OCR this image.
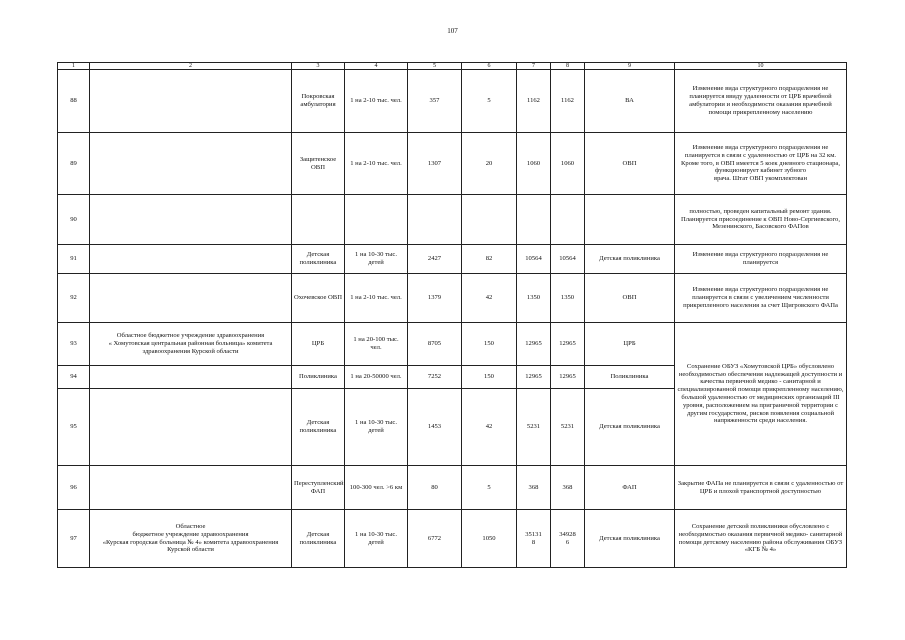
107
1	2	3	4	5	6	7	8	9	10
88		Покровская амбулатория	1 на 2-10 тыс. чел.	357	5	1162	1162	ВА	Изменение вида структурного подразделения не планируется ввиду удаленности от ЦРБ врачебной амбулатории и необходимости оказания врачебной помощи прикрепленному населению
89		Защитенское ОВП	1 на 2-10 тыс. чел.	1307	20	1060	1060	ОВП	Изменение вида структурного подразделения не планируется в связи с удаленностью от ЦРБ на 32 км. Кроме того, в ОВП имеется 5 коек дневного стационара, функционирует кабинет зубного
врача. Штат ОВП укомплектован

90									полностью, проведен капитальный ремонт здания. Планируется присоединение к ОВП Ново-Сергиевского, Мезенинского, Басовского ФАПов
91		Детская поликлиника	1 на 10-30 тыс. детей	2427	82	10564	10564	Детская поликлиника	Изменение вида структурного подразделения не планируется
92		Охочевское ОВП	1 на 2-10 тыс. чел.	1379	42	1350	1350	ОВП	Изменение вида структурного подразделения не планируется в связи с увеличением численности прикрепленного населения за счет Щигровского ФАПа
93	Областное бюджетное учреждение здравоохранения
« Хомутовская центральная районная больница» комитета здравоохранения Курской области	ЦРБ	1 на 20-100 тыс. чел.	8705	150	12965	12965	ЦРБ	Сохранение ОБУЗ «Хомутовской ЦРБ» обусловлено необходимостью обеспечения надлежащей доступности и качества первичной медико - санитарной и специализированной помощи прикрепленному населению, большой удаленностью от медицинских организаций III уровня, расположением на приграничной территории с другим государством, рисков появления социальной напряженности среди населения.
94		Поликлиника	1 на 20-50000 чел.	7252	150	12965	12965	Поликлиника	
95		Детская поликлиника	1 на 10-30 тыс. детей	1453	42	5231	5231	Детская поликлиника	
96		Переступленский ФАП	100-300 чел. >6 км	80	5	368	368	ФАП	Закрытие ФАПа не планируется в связи с удаленностью от ЦРБ и плохой транспортной доступностью
97	Областное
бюджетное учреждение здравоохранения
«Курская городская больница № 4» комитета здравоохранения
Курской области	Детская поликлиника	1 на 10-30 тыс. детей	6772	1050	35131
8	34928
6	Детская поликлиника	Сохранение детской поликлиники обусловлено с необходимостью оказания первичной медико- санитарной помощи детскому населению района обслуживания ОБУЗ «КГБ № 4»
